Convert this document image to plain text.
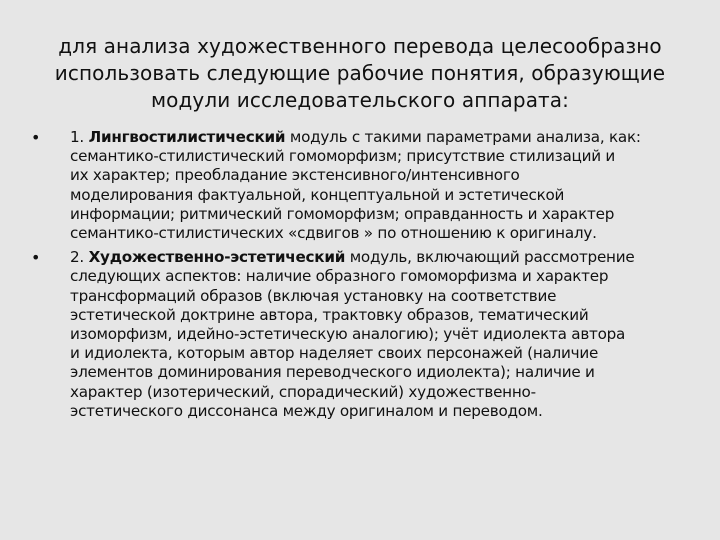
для анализа художественного перевода целесообразно
использовать следующие рабочие понятия, образующие
модули исследовательского аппарата:
• 1. Лингвостилистический модуль с такими параметрами анализа, как:
семантико-стилистический гомоморфизм; присутствие стилизаций и
их характер; преобладание экстенсивного/интенсивного
моделирования фактуальной, концептуальной и эстетической
информации; ритмический гомоморфизм; оправданность и характер
семантико-стилистических «сдвигов » по отношению к оригиналу.
• 2. Художественно-эстетический модуль, включающий рассмотрение
следующих аспектов: наличие образного гомоморфизма и характер
трансформаций образов (включая установку на соответствие
эстетической доктрине автора, трактовку образов, тематический
изоморфизм, идейно-эстетическую аналогию); учёт идиолекта автора
и идиолекта, которым автор наделяет своих персонажей (наличие
элементов доминирования переводческого идиолекта); наличие и
характер (изотерический, спорадический) художественно-
эстетического диссонанса между оригиналом и переводом.
